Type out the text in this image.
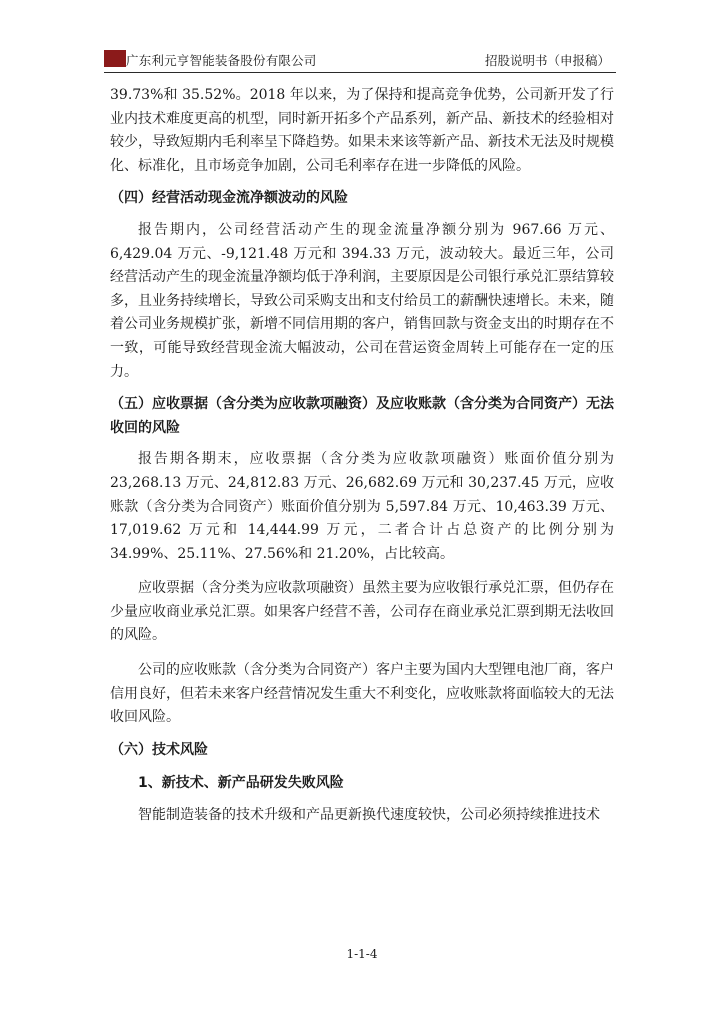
广东利元亨智能装备股份有限公司	招股说明书（申报稿）

39.73%和 35.52%。2018 年以来，为了保持和提高竞争优势，公司新开发了行业内技术难度更高的机型，同时新开拓多个产品系列，新产品、新技术的经验相对较少，导致短期内毛利率呈下降趋势。如果未来该等新产品、新技术无法及时规模化、标准化，且市场竞争加剧，公司毛利率存在进一步降低的风险。

（四）经营活动现金流净额波动的风险

报告期内，公司经营活动产生的现金流量净额分别为 967.66 万元、6,429.04 万元、-9,121.48 万元和 394.33 万元，波动较大。最近三年，公司经营活动产生的现金流量净额均低于净利润，主要原因是公司银行承兑汇票结算较多，且业务持续增长，导致公司采购支出和支付给员工的薪酬快速增长。未来，随着公司业务规模扩张，新增不同信用期的客户，销售回款与资金支出的时期存在不一致，可能导致经营现金流大幅波动，公司在营运资金周转上可能存在一定的压力。

（五）应收票据（含分类为应收款项融资）及应收账款（含分类为合同资产）无法收回的风险

报告期各期末，应收票据（含分类为应收款项融资）账面价值分别为 23,268.13 万元、24,812.83 万元、26,682.69 万元和 30,237.45 万元，应收账款（含分类为合同资产）账面价值分别为 5,597.84 万元、10,463.39 万元、17,019.62 万元和 14,444.99 万元，二者合计占总资产的比例分别为 34.99%、25.11%、27.56%和 21.20%，占比较高。

应收票据（含分类为应收款项融资）虽然主要为应收银行承兑汇票，但仍存在少量应收商业承兑汇票。如果客户经营不善，公司存在商业承兑汇票到期无法收回的风险。

公司的应收账款（含分类为合同资产）客户主要为国内大型锂电池厂商，客户信用良好，但若未来客户经营情况发生重大不利变化，应收账款将面临较大的无法收回风险。

（六）技术风险
1、新技术、新产品研发失败风险

智能制造装备的技术升级和产品更新换代速度较快，公司必须持续推进技术

1-1-4
